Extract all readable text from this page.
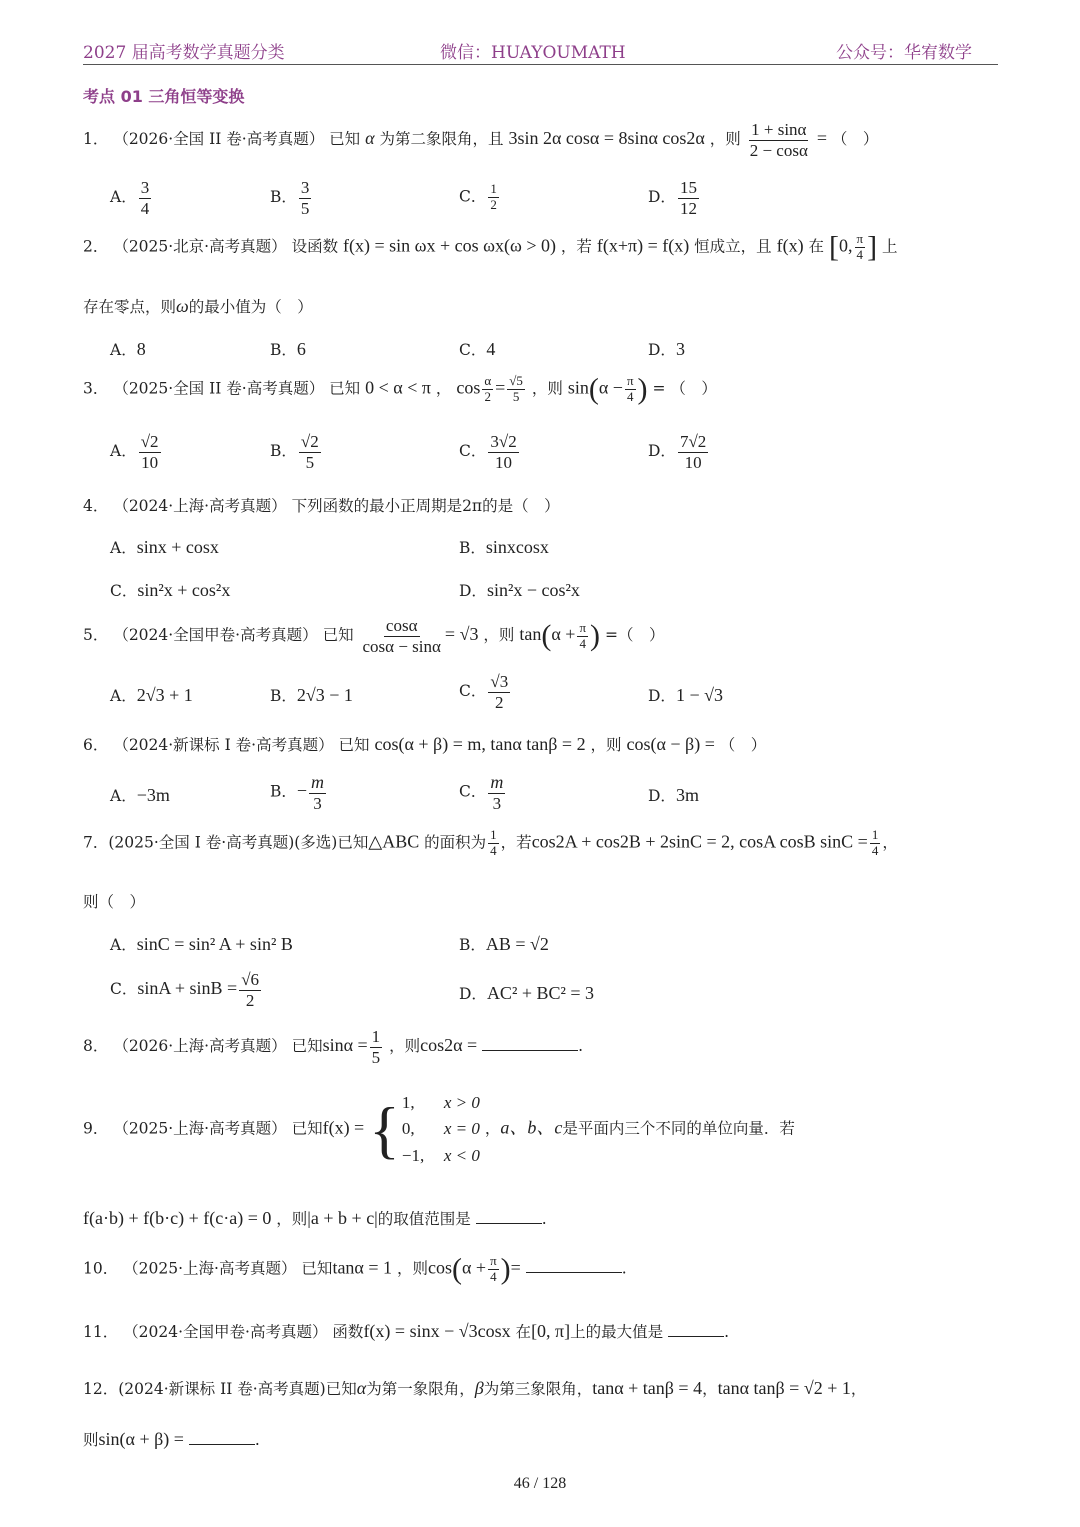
2027 届高考数学真题分类	微信：HUAYOUMATH	公众号：华宥数学
考点 01 三角恒等变换
1． （2026·全国 II 卷·高考真题） 已知 α 为第二象限角，且 3sin 2α cosα = 8sinα cos2α ，则 $\frac{1 + \sin\alpha}{2 - \cos\alpha}$ = （　）
A． $\frac{3}{4}$	B． $\frac{3}{5}$	C． $\frac{1}{2}$	D． $\frac{15}{12}$
2． （2025·北京·高考真题） 设函数 f(x) = sin ωx + cos ωx(ω > 0) ，若 f(x+π) = f(x) 恒成立，且 f(x) 在 [0, $\frac{\pi}{4}$ ] 上
存在零点，则ω的最小值为（　）
A．8	B．6	C．4	D．3
3． （2025·全国 II 卷·高考真题） 已知 0 < α < π ， $\cos \frac{\alpha}{2} = \frac{√5}{5}$ ，则 $\sin(\alpha - \frac{\pi}{4}$ ) = （　）
A． $\frac{√2}{10}$	B． $\frac{√2}{5}$	C． $\frac{3√2}{10}$	D． $\frac{7√2}{10}$
4． （2024·上海·高考真题） 下列函数的最小正周期是2π的是（　）
A．sinx + cosx	B．sinxcosx
C．sin²x + cos²x	D．sin²x − cos²x
5． （2024·全国甲卷·高考真题） 已知 $\frac{\cos\alpha}{\cos\alpha - \sin\alpha} = √3$ ，则 $\tan(\alpha + \frac{\pi}{4}$ ) =（　）
A．2√3 + 1	B．2√3 − 1	C． $\frac{√3}{2}$	D．1 − √3
6． （2024·新课标 I 卷·高考真题） 已知 cos(α + β) = m, tanα tanβ = 2 ，则 cos(α − β) = （　）
A．−3m	B．− $\frac{m}{3}$	C． $\frac{m}{3}$	D．3m
7．(2025·全国 I 卷·高考真题)(多选)已知△ABC 的面积为 $\frac{1}{4}$ ，若cos2A + cos2B + 2sinC = 2, cosA cosB $\sin C = \frac{1}{4}$ ，
则（　）
A．sinC = sin² A + sin² B	B．AB = √2
C．$\sin A + \sin B = \frac{√6}{2}$	D．AC² + BC² = 3
8． （2026·上海·高考真题） 已知$\sin\alpha = \frac{1}{5}$ ，则cos2α =	.
9． （2025·上海·高考真题） 已知f(x) = { 1, x > 0
0, x = 0
−1, x < 0
，a、b、c是平面内三个不同的单位向量．若
f(a·b) + f(b·c) + f(c·a) = 0 ，则|a + b + c|的取值范围是	.
10． （2025·上海·高考真题） 已知tanα = 1 ，则$\cos(\alpha + \frac{\pi}{4}$ )=	.
11． （2024·全国甲卷·高考真题） 函数f(x) = sinx − √3cosx 在[0, π]上的最大值是	.
12．(2024·新课标 II 卷·高考真题)已知α为第一象限角，β为第三象限角，tanα + tanβ = 4，tanα tanβ = √2 + 1，
则sin(α + β) =	.
46 / 128
